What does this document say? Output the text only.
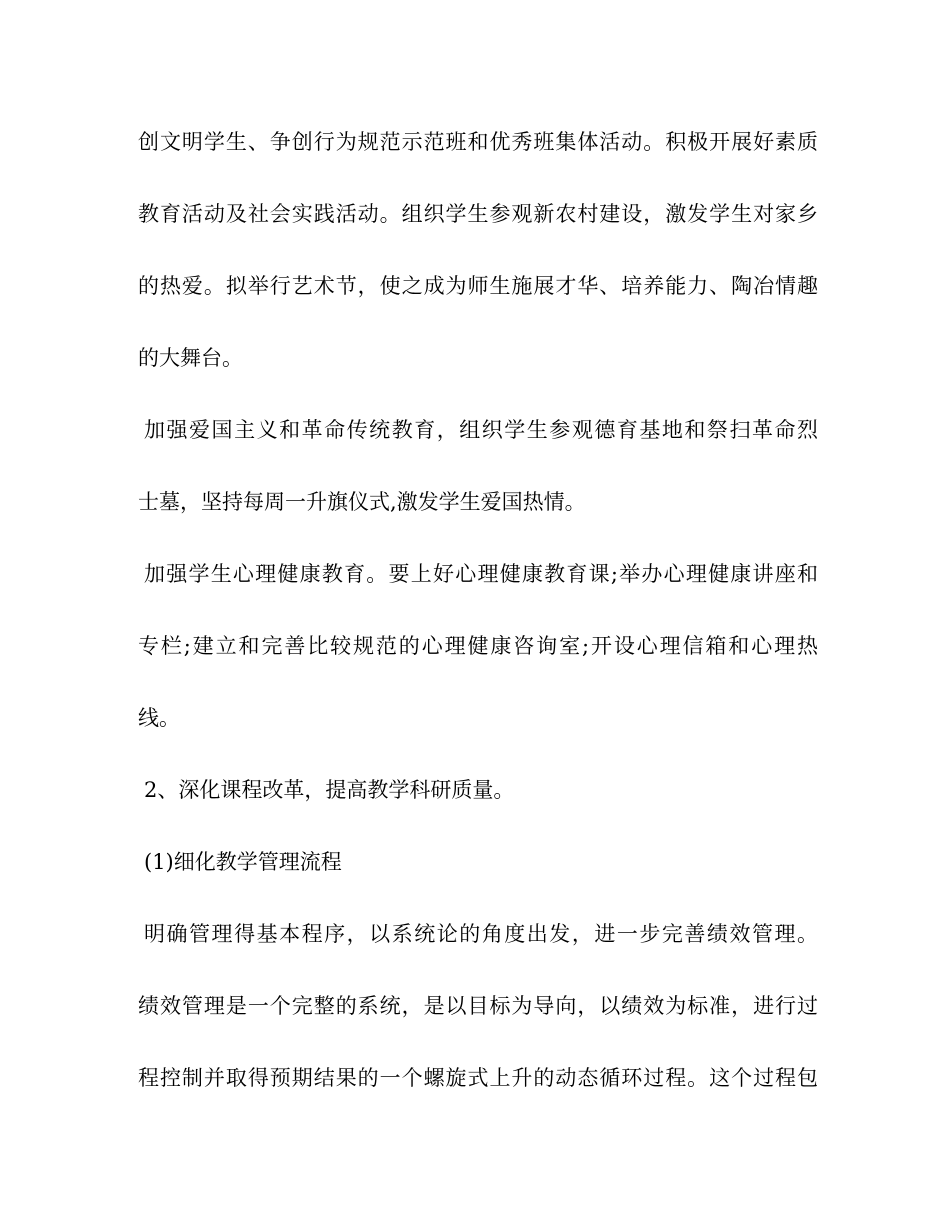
创文明学生、争创行为规范示范班和优秀班集体活动。积极开展好素质
教育活动及社会实践活动。组织学生参观新农村建设，激发学生对家乡
的热爱。拟举行艺术节，使之成为师生施展才华、培养能力、陶冶情趣
的大舞台。
加强爱国主义和革命传统教育，组织学生参观德育基地和祭扫革命烈
士墓，坚持每周一升旗仪式,激发学生爱国热情。
加强学生心理健康教育。要上好心理健康教育课;举办心理健康讲座和
专栏;建立和完善比较规范的心理健康咨询室;开设心理信箱和心理热
线。
2、深化课程改革，提高教学科研质量。
(1)细化教学管理流程
明确管理得基本程序，以系统论的角度出发，进一步完善绩效管理。
绩效管理是一个完整的系统，是以目标为导向，以绩效为标准，进行过
程控制并取得预期结果的一个螺旋式上升的动态循环过程。这个过程包
